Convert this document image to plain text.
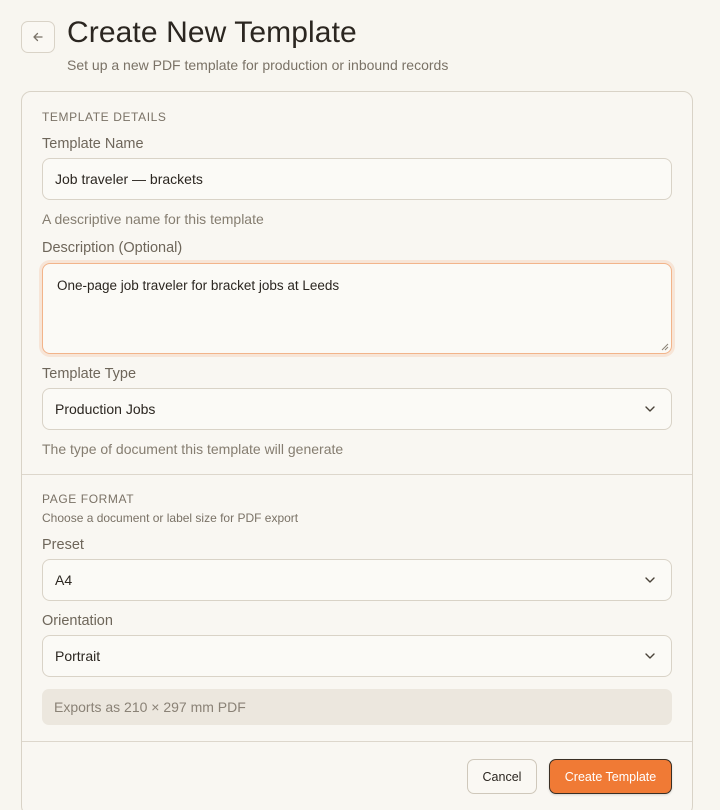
Create New Template
Set up a new PDF template for production or inbound records
TEMPLATE DETAILS
Template Name
Job traveler — brackets
A descriptive name for this template
Description (Optional)
One-page job traveler for bracket jobs at Leeds
Template Type
Production Jobs
The type of document this template will generate
PAGE FORMAT
Choose a document or label size for PDF export
Preset
A4
Orientation
Portrait
Exports as 210 × 297 mm PDF
Cancel	Create Template
